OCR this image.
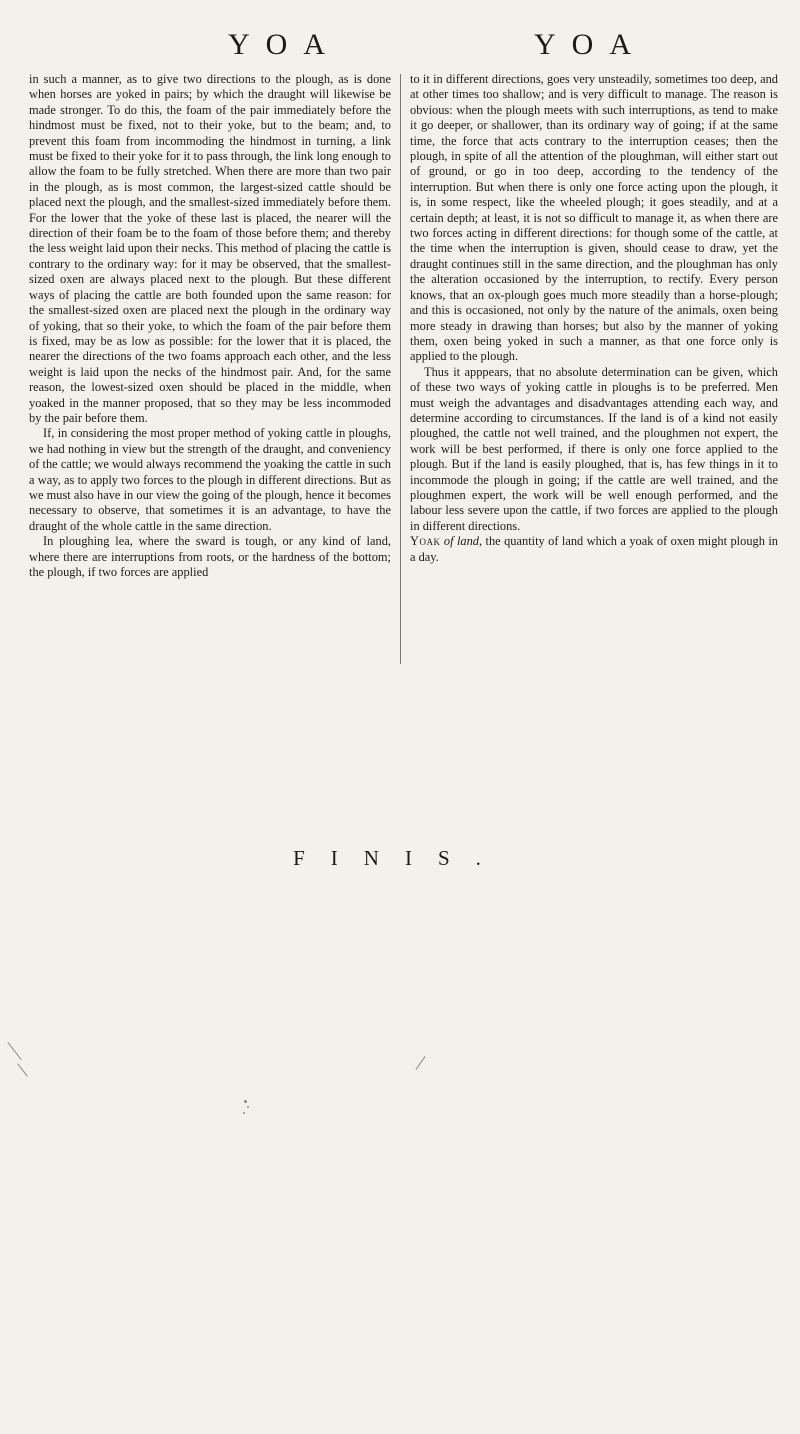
YOA	YOA

in such a manner, as to give two directions to the plough, as is done when horses are yoked in pairs; by which the draught will likewise be made stronger. To do this, the foam of the pair immediately before the hindmost must be fixed, not to their yoke, but to the beam; and, to prevent this foam from incommoding the hindmost in turning, a link must be fixed to their yoke for it to pass through, the link long enough to allow the foam to be fully stretched. When there are more than two pair in the plough, as is most common, the largest-sized cattle should be placed next the plough, and the smallest-sized immediately before them. For the lower that the yoke of these last is placed, the nearer will the direction of their foam be to the foam of those before them; and thereby the less weight laid upon their necks. This method of placing the cattle is contrary to the ordinary way: for it may be observed, that the smallest-sized oxen are always placed next to the plough. But these different ways of placing the cattle are both founded upon the same reason: for the smallest-sized oxen are placed next the plough in the ordinary way of yoking, that so their yoke, to which the foam of the pair before them is fixed, may be as low as possible: for the lower that it is placed, the nearer the directions of the two foams approach each other, and the less weight is laid upon the necks of the hindmost pair. And, for the same reason, the lowest-sized oxen should be placed in the middle, when yoaked in the manner proposed, that so they may be less incommoded by the pair before them.

If, in considering the most proper method of yoking cattle in ploughs, we had nothing in view but the strength of the draught, and conveniency of the cattle; we would always recommend the yoaking the cattle in such a way, as to apply two forces to the plough in different directions. But as we must also have in our view the going of the plough, hence it becomes necessary to observe, that sometimes it is an advantage, to have the draught of the whole cattle in the same direction.

In ploughing lea, where the sward is tough, or any kind of land, where there are interruptions from roots, or the hardness of the bottom; the plough, if two forces are applied

to it in different directions, goes very unsteadily, sometimes too deep, and at other times too shallow; and is very difficult to manage. The reason is obvious: when the plough meets with such interruptions, as tend to make it go deeper, or shallower, than its ordinary way of going; if at the same time, the force that acts contrary to the interruption ceases; then the plough, in spite of all the attention of the ploughman, will either start out of ground, or go in too deep, according to the tendency of the interruption. But when there is only one force acting upon the plough, it is, in some respect, like the wheeled plough; it goes steadily, and at a certain depth; at least, it is not so difficult to manage it, as when there are two forces acting in different directions: for though some of the cattle, at the time when the interruption is given, should cease to draw, yet the draught continues still in the same direction, and the ploughman has only the alteration occasioned by the interruption, to rectify. Every person knows, that an ox-plough goes much more steadily than a horse-plough; and this is occasioned, not only by the nature of the animals, oxen being more steady in drawing than horses; but also by the manner of yoking them, oxen being yoked in such a manner, as that one force only is applied to the plough.

Thus it apppears, that no absolute determination can be given, which of these two ways of yoking cattle in ploughs is to be preferred. Men must weigh the advantages and disadvantages attending each way, and determine according to circumstances. If the land is of a kind not easily ploughed, the cattle not well trained, and the ploughmen not expert, the work will be best performed, if there is only one force applied to the plough. But if the land is easily ploughed, that is, has few things in it to incommode the plough in going; if the cattle are well trained, and the ploughmen expert, the work will be well enough performed, and the labour less severe upon the cattle, if two forces are applied to the plough in different directions.

Yoak of land, the quantity of land which a yoak of oxen might plough in a day.

FINIS.
